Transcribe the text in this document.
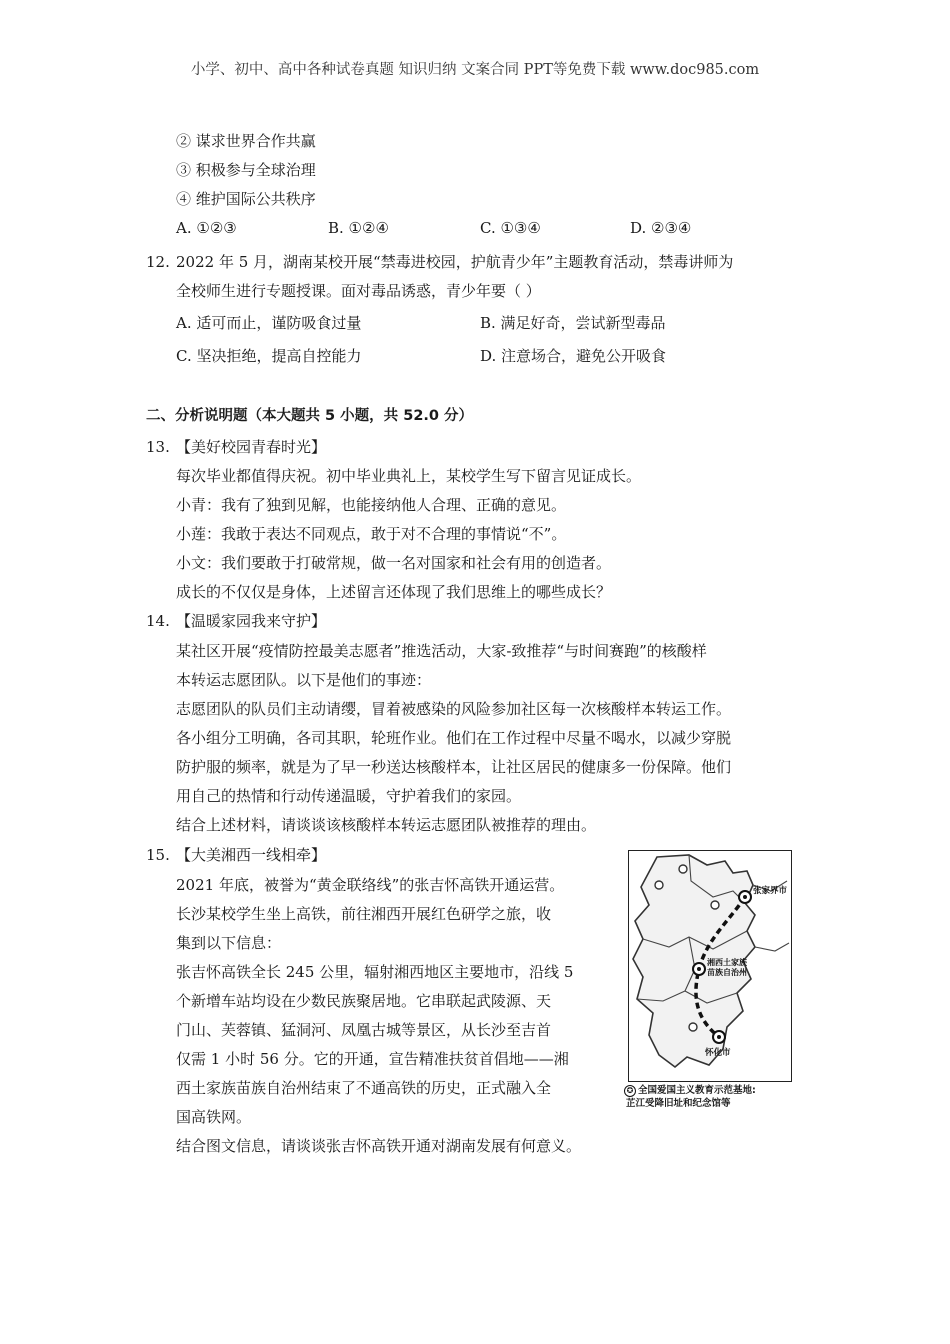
小学、初中、高中各种试卷真题 知识归纳 文案合同 PPT等免费下载 www.doc985.com
② 谋求世界合作共赢
③ 积极参与全球治理
④ 维护国际公共秩序
A. ①②③	B. ①②④	C. ①③④	D. ②③④
12. 2022 年 5 月，湖南某校开展“禁毒进校园，护航青少年”主题教育活动，禁毒讲师为
全校师生进行专题授课。面对毒品诱惑，青少年要（ ）
A. 适可而止，谨防吸食过量	B. 满足好奇，尝试新型毒品
C. 坚决拒绝，提高自控能力	D. 注意场合，避免公开吸食
二、分析说明题（本大题共 5 小题，共 52.0 分）
13. 【美好校园青春时光】
每次毕业都值得庆祝。初中毕业典礼上，某校学生写下留言见证成长。
小青：我有了独到见解，也能接纳他人合理、正确的意见。
小莲：我敢于表达不同观点，敢于对不合理的事情说“不”。
小文：我们要敢于打破常规，做一名对国家和社会有用的创造者。
成长的不仅仅是身体，上述留言还体现了我们思维上的哪些成长？
14. 【温暖家园我来守护】
某社区开展“疫情防控最美志愿者”推选活动，大家-致推荐“与时间赛跑”的核酸样
本转运志愿团队。以下是他们的事迹：
志愿团队的队员们主动请缨，冒着被感染的风险参加社区每一次核酸样本转运工作。
各小组分工明确，各司其职，轮班作业。他们在工作过程中尽量不喝水，以减少穿脱
防护服的频率，就是为了早一秒送达核酸样本，让社区居民的健康多一份保障。他们
用自己的热情和行动传递温暖，守护着我们的家园。
结合上述材料，请谈谈该核酸样本转运志愿团队被推荐的理由。
15. 【大美湘西一线相牵】
2021 年底，被誉为“黄金联络线”的张吉怀高铁开通运营。
长沙某校学生坐上高铁，前往湘西开展红色研学之旅，收
集到以下信息：
张吉怀高铁全长 245 公里，辐射湘西地区主要地市，沿线 5
个新增车站均设在少数民族聚居地。它串联起武陵源、天
门山、芙蓉镇、猛洞河、凤凰古城等景区，从长沙至吉首
仅需 1 小时 56 分。它的开通，宣告精准扶贫首倡地——湘
西土家族苗族自治州结束了不通高铁的历史，正式融入全
国高铁网。
结合图文信息，请谈谈张吉怀高铁开通对湖南发展有何意义。
张家界市
湘西土家族
苗族自治州
怀化市
✪ 全国爱国主义教育示范基地:
芷江受降旧址和纪念馆等
